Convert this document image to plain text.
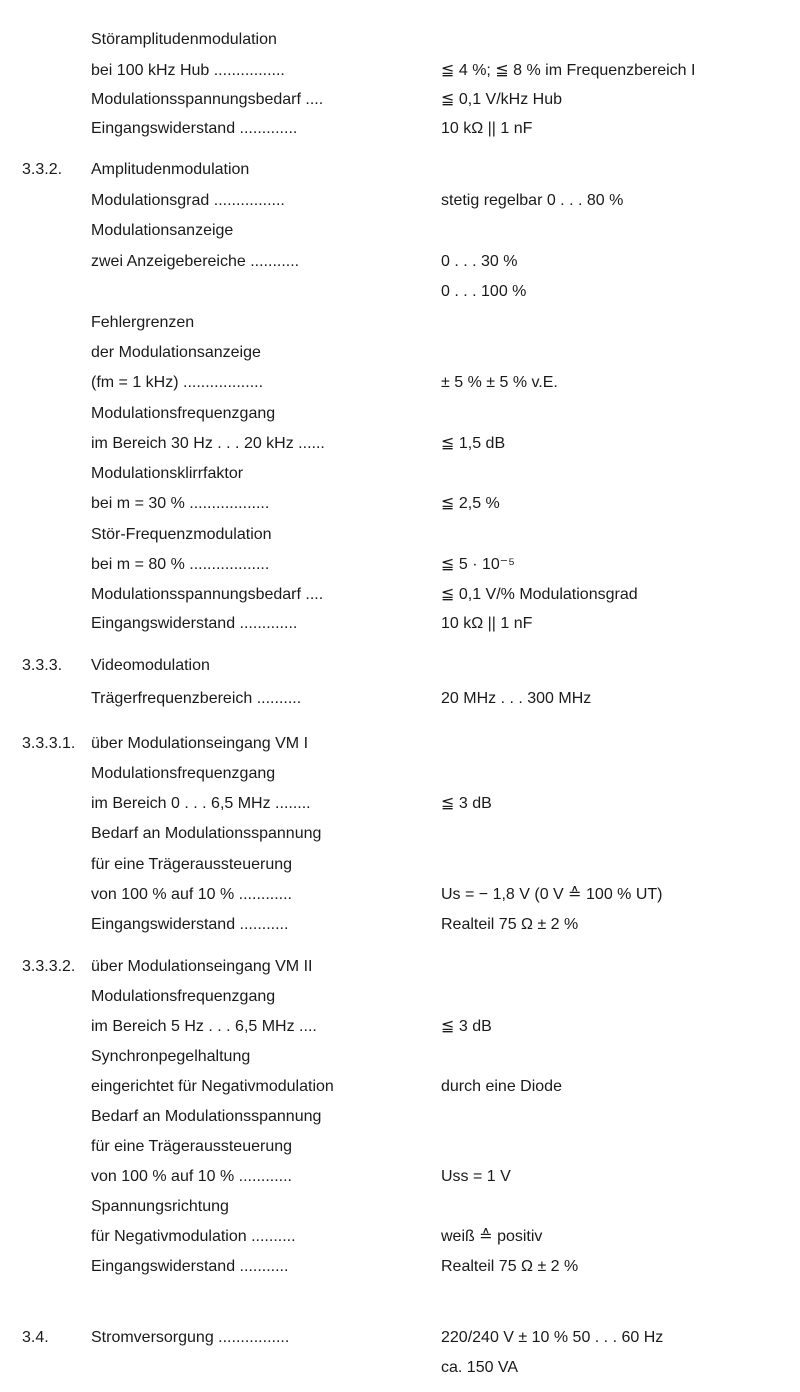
Störamplitudenmodulation
bei 100 kHz Hub ................	≦ 4 %; ≦ 8 % im Frequenzbereich I
Modulationsspannungsbedarf ....	≦ 0,1 V/kHz Hub
Eingangswiderstand .............	10 kΩ || 1 nF
3.3.2. Amplitudenmodulation
Modulationsgrad ................	stetig regelbar 0 . . . 80 %
Modulationsanzeige
zwei Anzeigebereiche ...........	0 . . . 30 %
0 . . . 100 %
Fehlergrenzen
der Modulationsanzeige
(fm = 1 kHz) ..................	± 5 % ± 5 % v.E.
Modulationsfrequenzgang
im Bereich 30 Hz . . . 20 kHz ......	≦ 1,5 dB
Modulationsklirrfaktor
bei m = 30 % ..................	≦ 2,5 %
Stör-Frequenzmodulation
bei m = 80 % ..................	≦ 5 · 10⁻⁵
Modulationsspannungsbedarf ....	≦ 0,1 V/% Modulationsgrad
Eingangswiderstand .............	10 kΩ || 1 nF
3.3.3. Videomodulation
Trägerfrequenzbereich ..........	20 MHz . . . 300 MHz
3.3.3.1. über Modulationseingang VM I
Modulationsfrequenzgang
im Bereich 0 . . . 6,5 MHz ........	≦ 3 dB
Bedarf an Modulationsspannung
für eine Trägeraussteuerung
von 100 % auf 10 % ............	Us = − 1,8 V (0 V ≙ 100 % UT)
Eingangswiderstand ...........	Realteil 75 Ω ± 2 %
3.3.3.2. über Modulationseingang VM II
Modulationsfrequenzgang
im Bereich 5 Hz . . . 6,5 MHz ....	≦ 3 dB
Synchronpegelhaltung
eingerichtet für Negativmodulation	durch eine Diode
Bedarf an Modulationsspannung
für eine Trägeraussteuerung
von 100 % auf 10 % ............	Uss = 1 V
Spannungsrichtung
für Negativmodulation ..........	weiß ≙ positiv
Eingangswiderstand ...........	Realteil 75 Ω ± 2 %
3.4.	Stromversorgung ................	220/240 V ± 10 % 50 . . . 60 Hz
ca. 150 VA
